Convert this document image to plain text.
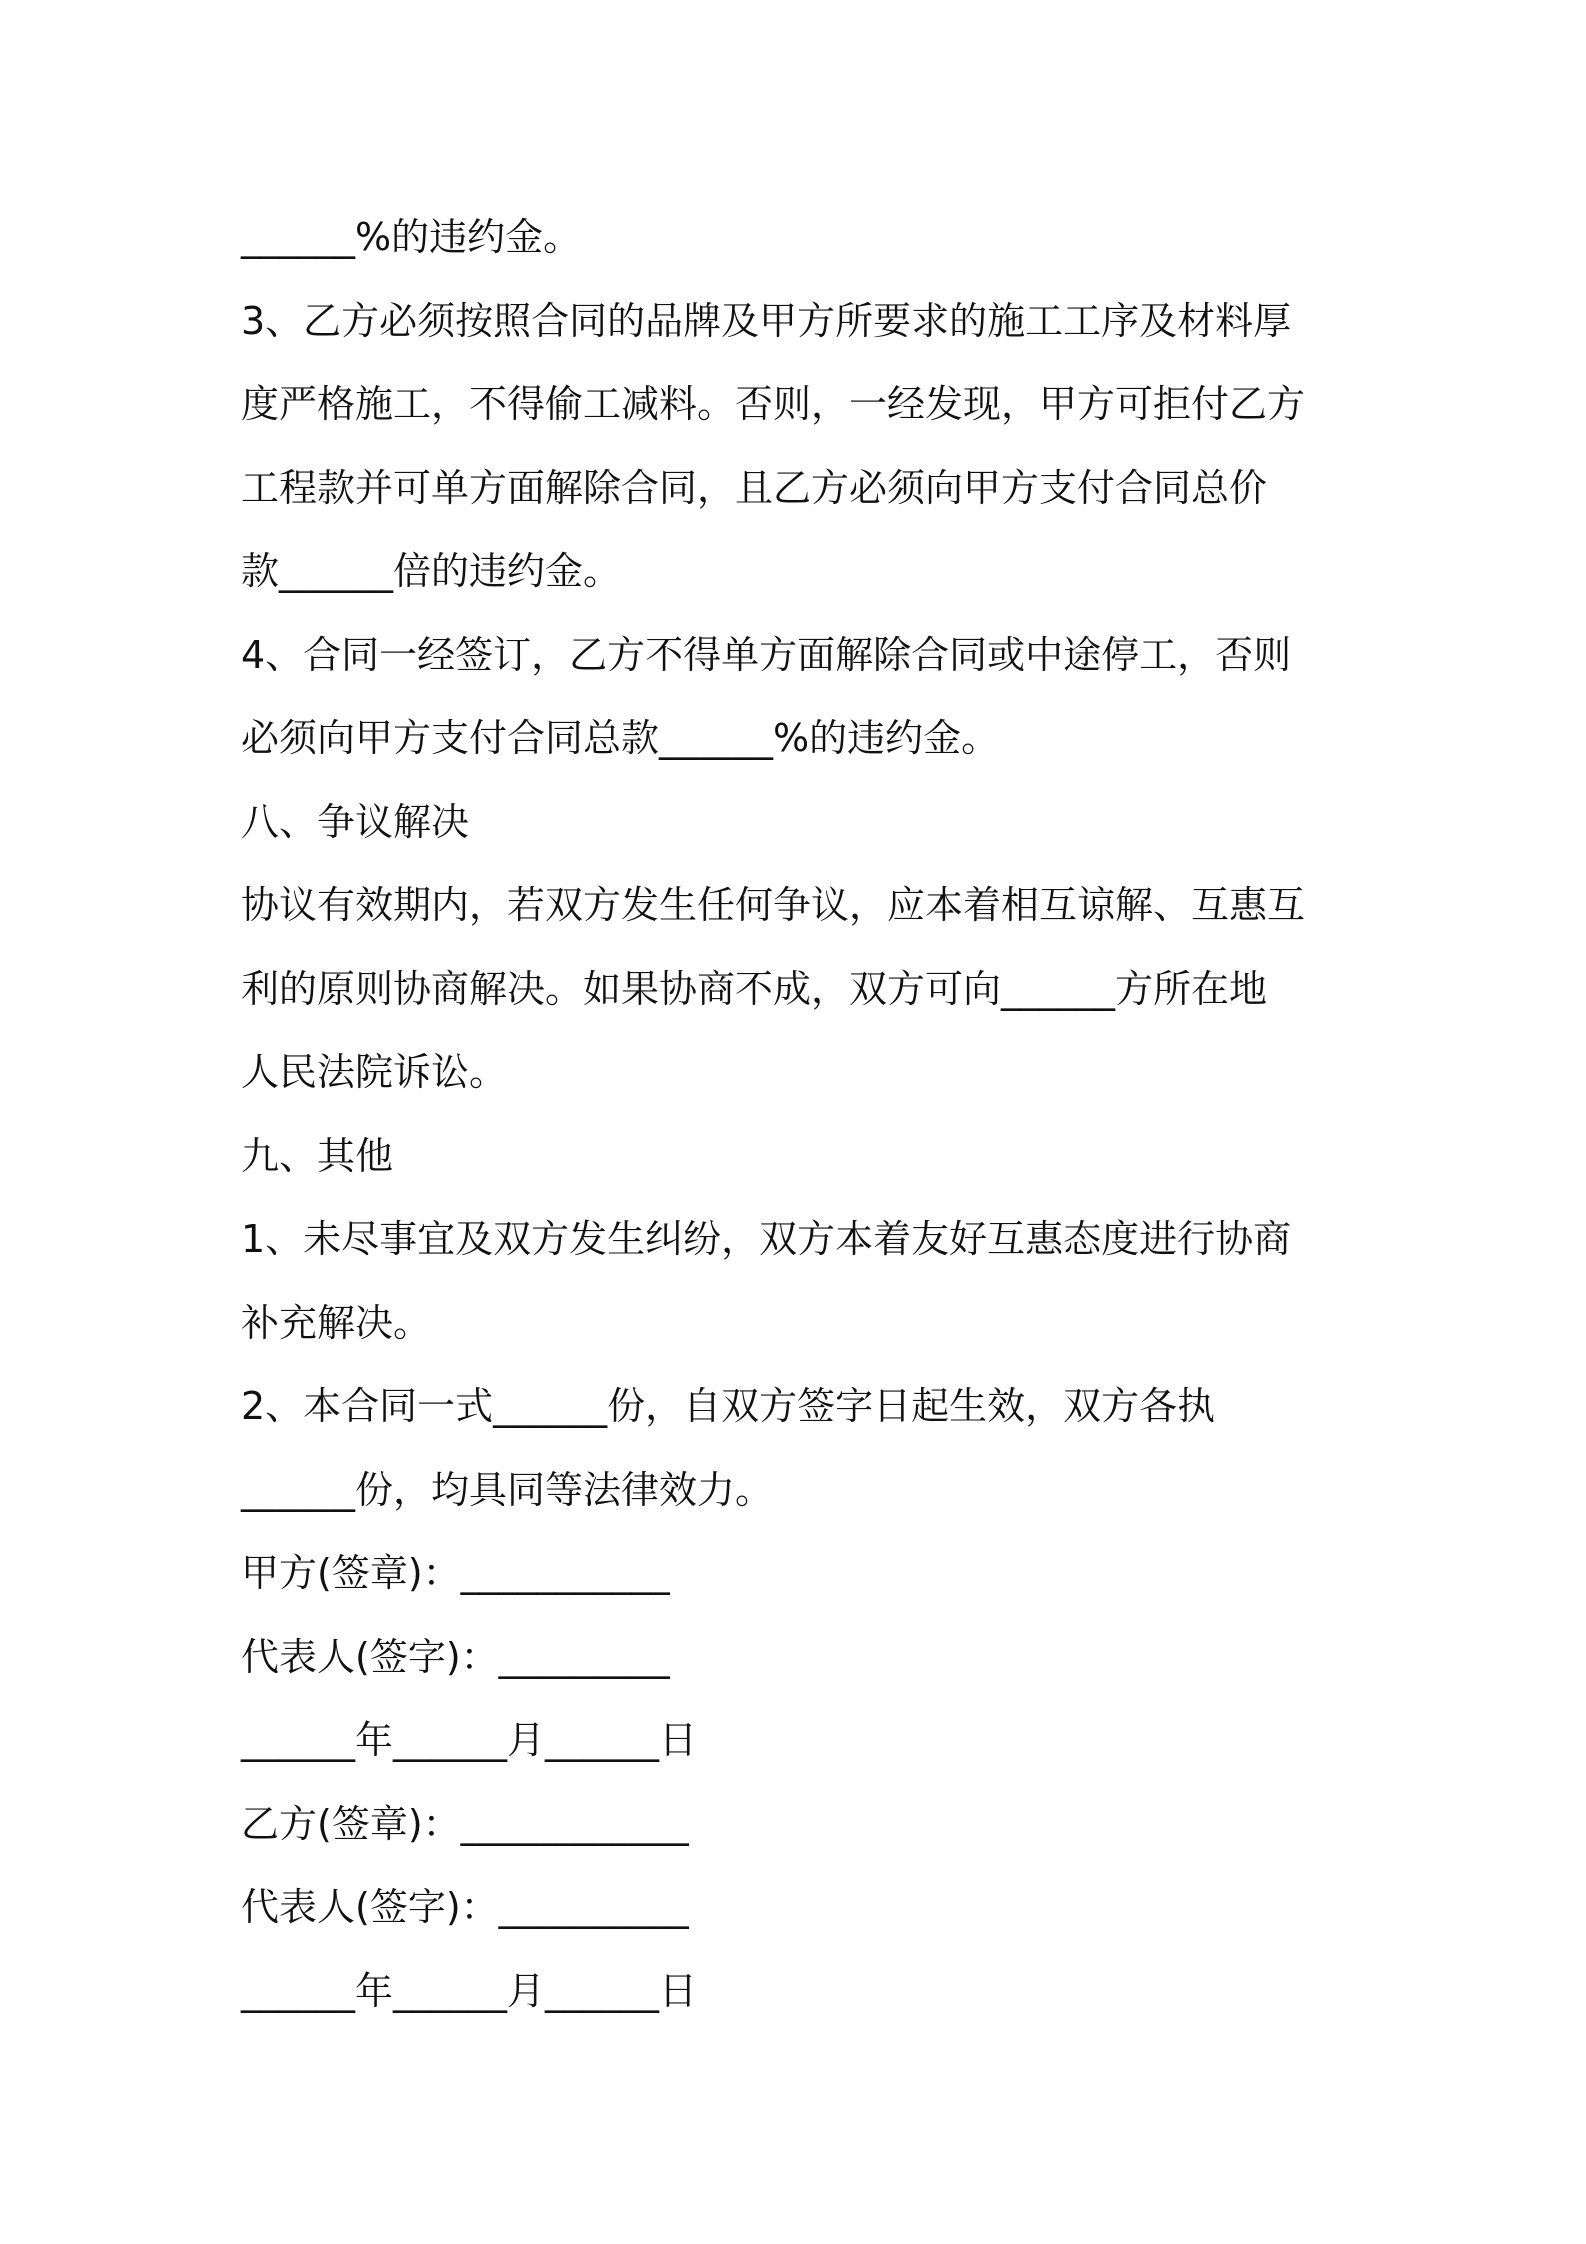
______%的违约金。

3、乙方必须按照合同的品牌及甲方所要求的施工工序及材料厚

度严格施工，不得偷工减料。否则，一经发现，甲方可拒付乙方

工程款并可单方面解除合同，且乙方必须向甲方支付合同总价

款______倍的违约金。

4、合同一经签订，乙方不得单方面解除合同或中途停工，否则

必须向甲方支付合同总款______%的违约金。

八、争议解决

协议有效期内，若双方发生任何争议，应本着相互谅解、互惠互

利的原则协商解决。如果协商不成，双方可向______方所在地

人民法院诉讼。

九、其他

1、未尽事宜及双方发生纠纷，双方本着友好互惠态度进行协商

补充解决。

2、本合同一式______份，自双方签字日起生效，双方各执

______份，均具同等法律效力。

甲方(签章)：___________

代表人(签字)：_________

______年______月______日

乙方(签章)：____________

代表人(签字)：__________

______年______月______日
